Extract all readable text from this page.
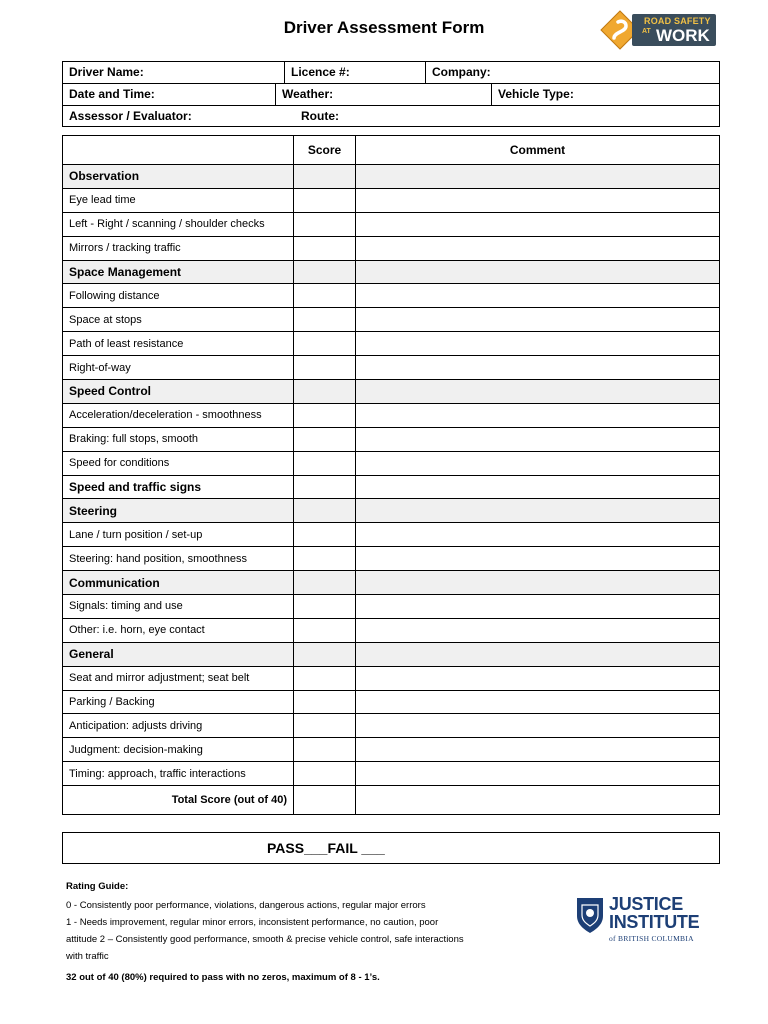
Driver Assessment Form	ROAD SAFETY
AT WORK
Driver Name:	Licence #:	Company:
Date and Time:	Weather:	Vehicle Type:
Assessor / Evaluator:	Route:
	Score	Comment
Observation		
Eye lead time		
Left - Right / scanning / shoulder checks		
Mirrors / tracking traffic		
Space Management		
Following distance		
Space at stops		
Path of least resistance		
Right-of-way		
Speed Control		
Acceleration/deceleration - smoothness		
Braking: full stops, smooth		
Speed for conditions		
Speed and traffic signs		
Steering		
Lane / turn position / set-up		
Steering: hand position, smoothness		
Communication		
Signals: timing and use		
Other: i.e. horn, eye contact		
General		
Seat and mirror adjustment; seat belt		
Parking / Backing		
Anticipation: adjusts driving		
Judgment: decision-making		
Timing: approach, traffic interactions		
Total Score (out of 40)		
PASS___FAIL ___
Rating Guide:
0 - Consistently poor performance, violations, dangerous actions, regular major errors
1 - Needs improvement, regular minor errors, inconsistent performance, no caution, poor
attitude 2 – Consistently good performance, smooth & precise vehicle control, safe interactions
with traffic
32 out of 40 (80%) required to pass with no zeros, maximum of 8 - 1’s.
JUSTICE
INSTITUTE
of BRITISH COLUMBIA
